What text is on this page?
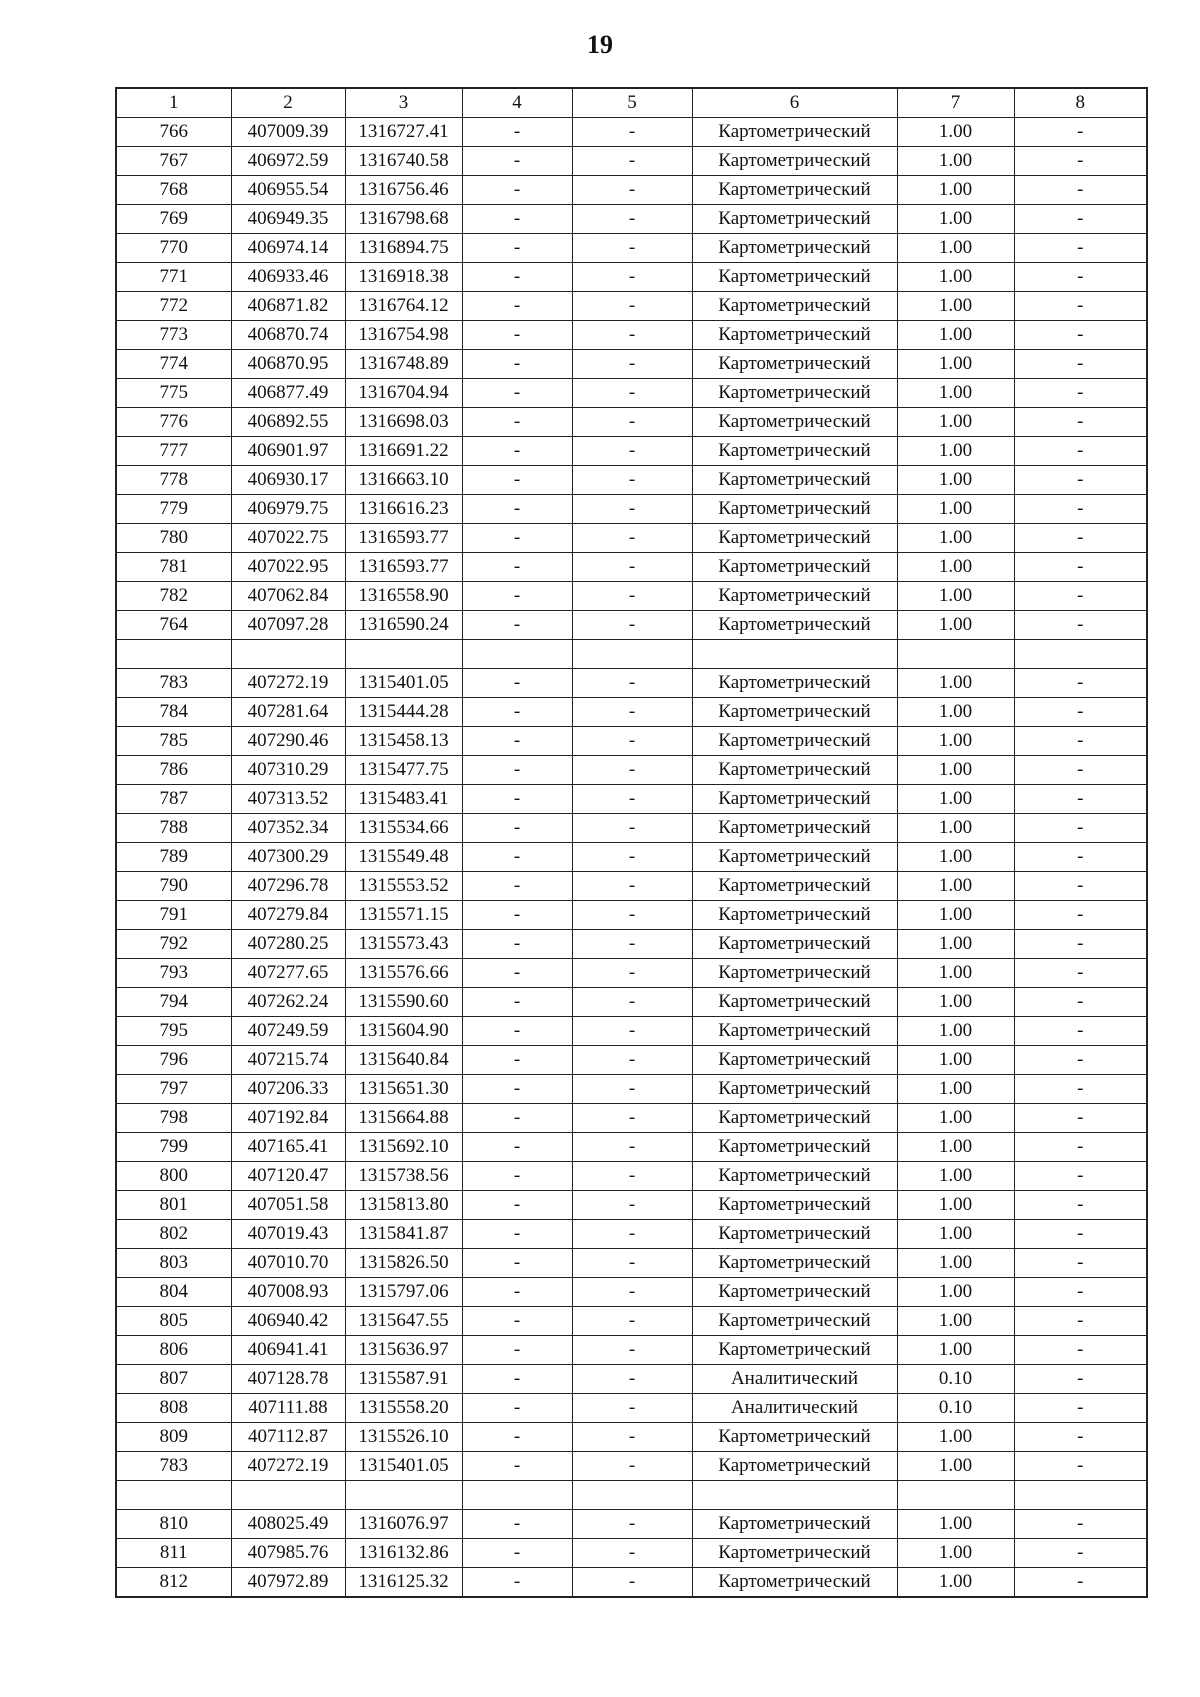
19
1	2	3	4	5	6	7	8
766	407009.39	1316727.41	-	-	Картометрический	1.00	-
767	406972.59	1316740.58	-	-	Картометрический	1.00	-
768	406955.54	1316756.46	-	-	Картометрический	1.00	-
769	406949.35	1316798.68	-	-	Картометрический	1.00	-
770	406974.14	1316894.75	-	-	Картометрический	1.00	-
771	406933.46	1316918.38	-	-	Картометрический	1.00	-
772	406871.82	1316764.12	-	-	Картометрический	1.00	-
773	406870.74	1316754.98	-	-	Картометрический	1.00	-
774	406870.95	1316748.89	-	-	Картометрический	1.00	-
775	406877.49	1316704.94	-	-	Картометрический	1.00	-
776	406892.55	1316698.03	-	-	Картометрический	1.00	-
777	406901.97	1316691.22	-	-	Картометрический	1.00	-
778	406930.17	1316663.10	-	-	Картометрический	1.00	-
779	406979.75	1316616.23	-	-	Картометрический	1.00	-
780	407022.75	1316593.77	-	-	Картометрический	1.00	-
781	407022.95	1316593.77	-	-	Картометрический	1.00	-
782	407062.84	1316558.90	-	-	Картометрический	1.00	-
764	407097.28	1316590.24	-	-	Картометрический	1.00	-

783	407272.19	1315401.05	-	-	Картометрический	1.00	-
784	407281.64	1315444.28	-	-	Картометрический	1.00	-
785	407290.46	1315458.13	-	-	Картометрический	1.00	-
786	407310.29	1315477.75	-	-	Картометрический	1.00	-
787	407313.52	1315483.41	-	-	Картометрический	1.00	-
788	407352.34	1315534.66	-	-	Картометрический	1.00	-
789	407300.29	1315549.48	-	-	Картометрический	1.00	-
790	407296.78	1315553.52	-	-	Картометрический	1.00	-
791	407279.84	1315571.15	-	-	Картометрический	1.00	-
792	407280.25	1315573.43	-	-	Картометрический	1.00	-
793	407277.65	1315576.66	-	-	Картометрический	1.00	-
794	407262.24	1315590.60	-	-	Картометрический	1.00	-
795	407249.59	1315604.90	-	-	Картометрический	1.00	-
796	407215.74	1315640.84	-	-	Картометрический	1.00	-
797	407206.33	1315651.30	-	-	Картометрический	1.00	-
798	407192.84	1315664.88	-	-	Картометрический	1.00	-
799	407165.41	1315692.10	-	-	Картометрический	1.00	-
800	407120.47	1315738.56	-	-	Картометрический	1.00	-
801	407051.58	1315813.80	-	-	Картометрический	1.00	-
802	407019.43	1315841.87	-	-	Картометрический	1.00	-
803	407010.70	1315826.50	-	-	Картометрический	1.00	-
804	407008.93	1315797.06	-	-	Картометрический	1.00	-
805	406940.42	1315647.55	-	-	Картометрический	1.00	-
806	406941.41	1315636.97	-	-	Картометрический	1.00	-
807	407128.78	1315587.91	-	-	Аналитический	0.10	-
808	407111.88	1315558.20	-	-	Аналитический	0.10	-
809	407112.87	1315526.10	-	-	Картометрический	1.00	-
783	407272.19	1315401.05	-	-	Картометрический	1.00	-

810	408025.49	1316076.97	-	-	Картометрический	1.00	-
811	407985.76	1316132.86	-	-	Картометрический	1.00	-
812	407972.89	1316125.32	-	-	Картометрический	1.00	-
